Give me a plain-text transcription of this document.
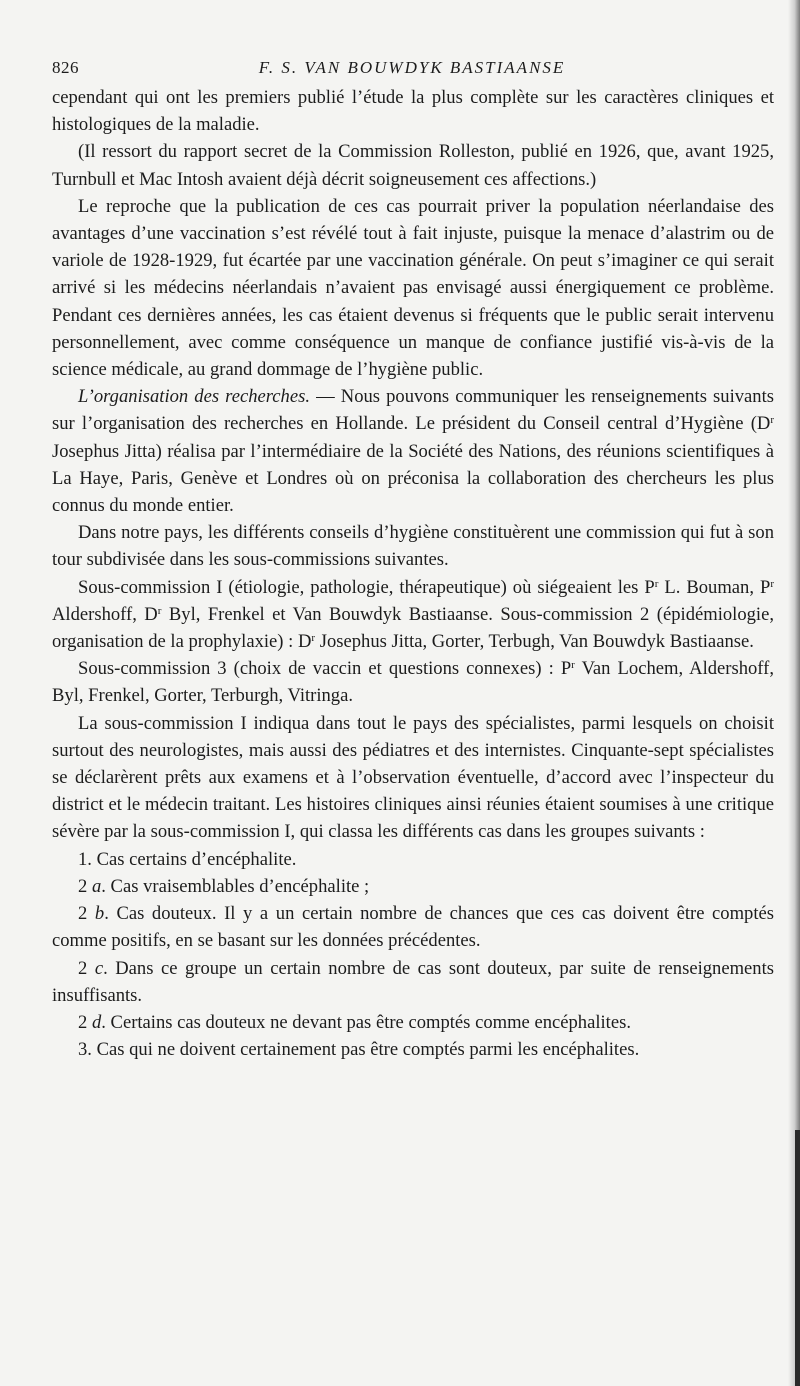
826	F. S. VAN BOUWDYK BASTIAANSE

cependant qui ont les premiers publié l’étude la plus complète sur les caractères cliniques et histologiques de la maladie.

(Il ressort du rapport secret de la Commission Rolleston, publié en 1926, que, avant 1925, Turnbull et Mac Intosh avaient déjà décrit soigneusement ces affections.)

Le reproche que la publication de ces cas pourrait priver la population néerlandaise des avantages d’une vaccination s’est révélé tout à fait injuste, puisque la menace d’alastrim ou de variole de 1928-1929, fut écartée par une vaccination générale. On peut s’imaginer ce qui serait arrivé si les médecins néerlandais n’avaient pas envisagé aussi énergiquement ce problème. Pendant ces dernières années, les cas étaient devenus si fréquents que le public serait intervenu personnellement, avec comme conséquence un manque de confiance justifié vis-à-vis de la science médicale, au grand dommage de l’hygiène public.

L’organisation des recherches. — Nous pouvons communiquer les renseignements suivants sur l’organisation des recherches en Hollande. Le président du Conseil central d’Hygiène ($D^r$ Josephus Jitta) réalisa par l’intermédiaire de la Société des Nations, des réunions scientifiques à La Haye, Paris, Genève et Londres où on préconisa la collaboration des chercheurs les plus connus du monde entier.

Dans notre pays, les différents conseils d’hygiène constituèrent une commission qui fut à son tour subdivisée dans les sous-commissions suivantes.

Sous-commission I (étiologie, pathologie, thérapeutique) où siégeaient les $P^r$ L. Bouman, $P^r$ Aldershoff, $D^r$ Byl, Frenkel et Van Bouwdyk Bastiaanse. Sous-commission 2 (épidémiologie, organisation de la prophylaxie) : $D^r$ Josephus Jitta, Gorter, Terbugh, Van Bouwdyk Bastiaanse.

Sous-commission 3 (choix de vaccin et questions connexes) : $P^r$ Van Lochem, Aldershoff, Byl, Frenkel, Gorter, Terburgh, Vitringa.

La sous-commission I indiqua dans tout le pays des spécialistes, parmi lesquels on choisit surtout des neurologistes, mais aussi des pédiatres et des internistes. Cinquante-sept spécialistes se déclarèrent prêts aux examens et à l’observation éventuelle, d’accord avec l’inspecteur du district et le médecin traitant. Les histoires cliniques ainsi réunies étaient soumises à une critique sévère par la sous-commission I, qui classa les différents cas dans les groupes suivants :

1. Cas certains d’encéphalite.

2 a. Cas vraisemblables d’encéphalite ;

2 b. Cas douteux. Il y a un certain nombre de chances que ces cas doivent être comptés comme positifs, en se basant sur les données précédentes.

2 c. Dans ce groupe un certain nombre de cas sont douteux, par suite de renseignements insuffisants.

2 d. Certains cas douteux ne devant pas être comptés comme encéphalites.

3. Cas qui ne doivent certainement pas être comptés parmi les encéphalites.
